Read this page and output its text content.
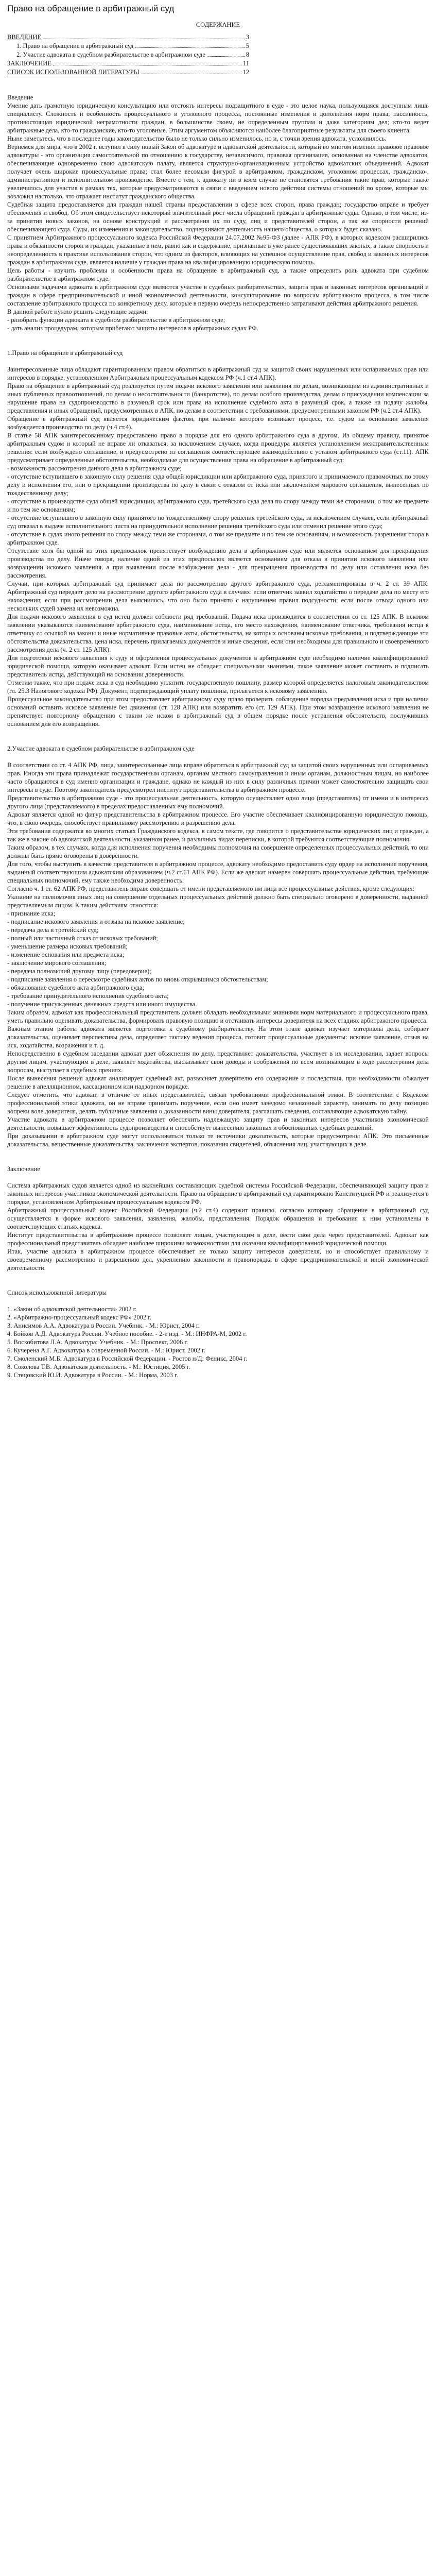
Право на обращение в арбитражный суд
СОДЕРЖАНИЕ
ВВЕДЕНИЕ	3
1. Право на обращение в арбитражный суд	5
2. Участие адвоката в судебном разбирательстве в арбитражном суде	8
ЗАКЛЮЧЕНИЕ	11
СПИСОК ИСПОЛЬЗОВАННОЙ ЛИТЕРАТУРЫ	12
Введение

Умение дать грамотную юридическую консультацию или отстоять интересы подзащитного в суде - это целое наука, пользующаяся доступным лишь специалисту. Сложность и особенность процессуального и уголовного процесса, постоянные изменения и дополнения норм права; пассивность, противостоящая юридической неграмотности граждан, в большинстве своем, не определенным группам и даже категориям дел; кто-то ведет арбитражные дела, кто-то гражданские, кто-то уголовные. Этим аргументом объясняются наиболее благоприятные результаты для своего клиента.

Ныне заметьтесь, что в последнее годы законодательство было не только сильно изменилось, но и, с точки зрения адвоката, усложнилось.

Вернемся для мира, что в 2002 г. вступил в силу новый Закон об адвокатуре и адвокатской деятельности, который во многом изменил правовое правовое адвокатуры - это организация самостоятельной по отношению к государству, независимого, правовая организация, основанная на членстве адвокатов, обеспечивающие одновременно свою адвокатскую палату, является структурно-организационным устройство адвокатских объединений. Адвокат получает очень широкие процессуальные права; стал более весомым фигурой в арбитражном, гражданском, уголовном процессах, гражданско-, административном и исполнительном производстве. Вместе с тем, к адвокату ни в коем случае не становятся требования такие прав, которые также увеличилось для участия в рамках тех, которые предусматриваются в связи с введением нового действия системы отношений по кроме, которые мы возложил настолько, что отражает институт гражданского общества.

Судебная защита предоставляется для граждан нашей страны предоставлении в сфере всех сторон, права граждан; государство вправе и требует обеспечения и свобод. Об этом свидетельствует некоторый значительный рост числа обращений граждан в арбитражные суды. Однако, в том числе, из-за принятия новых законов, на основе конструкций и рассмотрения их по суду, лиц и представителей сторон, а так же спорности решений обеспечивающего суда. Суды, их изменения и законодательство, подчеркивают деятельность нашего общества, о которых будет сказано.

С принятием Арбитражного процессуального кодекса Российской Федерации 24.07.2002 №95-ФЗ (далее - АПК РФ), в которых кодексом расширились права и обязанности сторон и граждан, указанные в нем, равно как и содержание, признанные в уже ранее существовавших законах, а также спорность и неопределенность в практике использования сторон, что одним из факторов, влияющих на успешное осуществление прав, свобод и законных интересов граждан в арбитражном суде, является наличие у граждан права на квалифицированную юридическую помощь.

Цель работы - изучить проблемы и особенности права на обращение в арбитражный суд, а также определить роль адвоката при судебном разбирательстве в арбитражном суде.

Основными задачами адвоката в арбитражном суде являются участие в судебных разбирательствах, защита прав и законных интересов организаций и граждан в сфере предпринимательской и иной экономической деятельности, консультирование по вопросам арбитражного процесса, в том числе составление арбитражного процесса по конкретному делу, которые в первую очередь непосредственно затрагивают действия арбитражного решения.

В данной работе нужно решить следующие задачи:

- разобрать функции адвоката в судебном разбирательстве в арбитражном суде;
- дать анализ процедурам, которым прибегают защиты интересов в арбитражных судах РФ.
1.Право на обращение в арбитражный суд

Заинтересованные лица обладают гарантированным правом обратиться в арбитражный суд за защитой своих нарушенных или оспариваемых прав или интересов в порядке, установленном Арбитражным процессуальным кодексом РФ (ч.1 ст.4 АПК).

Право на обращение в арбитражный суд реализуется путем подачи искового заявления или заявления по делам, возникающим из административных и иных публичных правоотношений, по делам о несостоятельности (банкротстве), по делам особого производства, делам о присуждении компенсации за нарушение права на судопроизводство в разумный срок или права на исполнение судебного акта в разумный срок, а также на подачу жалобы, представления и иных обращений, предусмотренных в АПК, по делам в соответствии с требованиями, предусмотренными законом РФ (ч.2 ст.4 АПК).

Обращение в арбитражный суд является юридическим фактом, при наличии которого возникает процесс, т.е. судом на основании заявления возбуждается производство по делу (ч.4 ст.4).

В статье 58 АПК заинтересованному предоставлено право в порядке для его одного арбитражного суда в другом. Из общему правилу, принятое арбитражным судом и который не вправе ли отказаться, за исключением случаев, когда процедура является установлением межправительственным решения: если возбуждено соглашение, и предусмотрено из соглашения соответствующее взаимодействию с уставом арбитражного суда (ст.11). АПК предусматривает определенные обстоятельства, необходимые для осуществления права на обращение в арбитражный суд:

- возможность рассмотрения данного дела в арбитражном суде;

- отсутствие вступившего в законную силу решения суда общей юрисдикции или арбитражного суда, принятого и принимаемого правомочных по этому делу и исполнения его, или о прекращении производства по делу в связи с отказом от иска или заключением мирового соглашения, вынесенных по тождественному делу;

- отсутствие в производстве суда общей юрисдикции, арбитражного суда, третейского суда дела по спору между теми же сторонами, о том же предмете и по тем же основаниям;

- отсутствие вступившего в законную силу принятого по тождественному спору решения третейского суда, за исключением случаев, если арбитражный суд отказал в выдаче исполнительного листа на принудительное исполнение решения третейского суда или отменил решение этого суда;

- отсутствие в судах иного решения по спору между теми же сторонами, о том же предмете и по тем же основаниям, и возможность разрешения спора в арбитражном суде.

Отсутствие хотя бы одной из этих предпосылок препятствует возбуждению дела в арбитражном суде или является основанием для прекращения производства по делу. Иначе говоря, наличие одной из этих предпосылок является основанием для отказа в принятии искового заявления или возвращении искового заявления, а при выявлении после возбуждения дела - для прекращения производства по делу или оставления иска без рассмотрения.

Случаи, при которых арбитражный суд принимает дела по рассмотрению другого арбитражного суда, регламентированы в ч. 2 ст. 39 АПК. Арбитражный суд передает дело на рассмотрение другого арбитражного суда в случаях: если ответчик заявил ходатайство о передаче дела по месту его нахождения; если при рассмотрении дела выяснилось, что оно было принято с нарушением правил подсудности; если после отвода одного или нескольких судей замена их невозможна.

Для подачи искового заявления в суд истец должен соблюсти ряд требований. Подача иска производится в соответствии со ст. 125 АПК. В исковом заявлении указываются наименование арбитражного суда, наименование истца, его место нахождения, наименование ответчика, требования истца к ответчику со ссылкой на законы и иные нормативные правовые акты, обстоятельства, на которых основаны исковые требования, и подтверждающие эти обстоятельства доказательства, цена иска, перечень прилагаемых документов и иные сведения, если они необходимы для правильного и своевременного рассмотрения дела (ч. 2 ст. 125 АПК).

Для подготовки искового заявления к суду и оформления процессуальных документов в арбитражном суде необходимо наличие квалифицированной юридической помощи, которую оказывает адвокат. Если истец не обладает специальными знаниями, такое заявление может составить и подписать представитель истца, действующий на основании доверенности.

Отметим также, что при подаче иска в суд необходимо уплатить государственную пошлину, размер которой определяется налоговым законодательством (гл. 25.3 Налогового кодекса РФ). Документ, подтверждающий уплату пошлины, прилагается к исковому заявлению.

Процессуальное законодательство при этом предоставляет арбитражному суду право проверить соблюдение порядка предъявления иска и при наличии оснований оставить исковое заявление без движения (ст. 128 АПК) или возвратить его (ст. 129 АПК). При этом возвращение искового заявления не препятствует повторному обращению с таким же иском в арбитражный суд в общем порядке после устранения обстоятельств, послуживших основанием для его возвращения.

2.Участие адвоката в судебном разбирательстве в арбитражном суде

В соответствии со ст. 4 АПК РФ, лица, заинтересованные лица вправе обратиться в арбитражный суд за защитой своих нарушенных или оспариваемых прав. Иногда эти права принадлежат государственным органам, органам местного самоуправления и иным органам, должностным лицам, но наиболее часто обращаются в суд именно организации и граждане, однако не каждый из них в силу различных причин может самостоятельно защищать свои интересы в суде. Поэтому законодатель предусмотрел институт представительства в арбитражном процессе.

Представительство в арбитражном суде - это процессуальная деятельность, которую осуществляет одно лицо (представитель) от имени и в интересах другого лица (представляемого) в пределах предоставленных ему полномочий.

Адвокат является одной из фигур представительства в арбитражном процессе. Его участие обеспечивает квалифицированную юридическую помощь, что, в свою очередь, способствует правильному рассмотрению и разрешению дела.

Эти требования содержатся во многих статьях Гражданского кодекса, в самом тексте, где говорится о представительстве юридических лиц и граждан, а так же в законе об адвокатской деятельности, указанном ранее, и различных видах переписки, в которой требуются соответствующие полномочия.

Таким образом, в тех случаях, когда для исполнения поручения необходимы полномочия на совершение определенных процессуальных действий, то они должны быть прямо оговорены в доверенности.

Для того, чтобы выступить в качестве представителя в арбитражном процессе, адвокату необходимо предоставить суду ордер на исполнение поручения, выданный соответствующим адвокатским образованием (ч.2 ст.61 АПК РФ). Если же адвокат намерен совершать процессуальные действия, требующие специальных полномочий, ему также необходима доверенность.

Согласно ч. 1 ст. 62 АПК РФ, представитель вправе совершать от имени представляемого им лица все процессуальные действия, кроме следующих:

Указание на полномочия иных лиц на совершение отдельных процессуальных действий должно быть специально оговорено в доверенности, выданной представляемым лицом. К таким действиям относятся:

- признание иска;
- подписание искового заявления и отзыва на исковое заявление;
- передача дела в третейский суд;
- полный или частичный отказ от исковых требований;
- уменьшение размера исковых требований;
- изменение основания или предмета иска;
- заключение мирового соглашения;
- передача полномочий другому лицу (передоверие);
- подписание заявления о пересмотре судебных актов по вновь открывшимся обстоятельствам;
- обжалование судебного акта арбитражного суда;
- требование принудительного исполнения судебного акта;
- получение присужденных денежных средств или иного имущества.

Таким образом, адвокат как профессиональный представитель должен обладать необходимыми знаниями норм материального и процессуального права, уметь правильно оценивать доказательства, формировать правовую позицию и отстаивать интересы доверителя на всех стадиях арбитражного процесса.

Важным этапом работы адвоката является подготовка к судебному разбирательству. На этом этапе адвокат изучает материалы дела, собирает доказательства, оценивает перспективы дела, определяет тактику ведения процесса, готовит процессуальные документы: исковое заявление, отзыв на иск, ходатайства, возражения и т. д.

Непосредственно в судебном заседании адвокат дает объяснения по делу, представляет доказательства, участвует в их исследовании, задает вопросы другим лицам, участвующим в деле, заявляет ходатайства, высказывает свои доводы и соображения по всем возникающим в ходе рассмотрения дела вопросам, выступает в судебных прениях.

После вынесения решения адвокат анализирует судебный акт, разъясняет доверителю его содержание и последствия, при необходимости обжалует решение в апелляционном, кассационном или надзорном порядке.

Следует отметить, что адвокат, в отличие от иных представителей, связан требованиями профессиональной этики. В соответствии с Кодексом профессиональной этики адвоката, он не вправе принимать поручение, если оно имеет заведомо незаконный характер, занимать по делу позицию вопреки воле доверителя, делать публичные заявления о доказанности вины доверителя, разглашать сведения, составляющие адвокатскую тайну.

Участие адвоката в арбитражном процессе позволяет обеспечить надлежащую защиту прав и законных интересов участников экономической деятельности, повышает эффективность судопроизводства и способствует вынесению законных и обоснованных судебных решений.

При доказывании в арбитражном суде могут использоваться только те источники доказательств, которые предусмотрены АПК. Это письменные доказательства, вещественные доказательства, заключения экспертов, показания свидетелей, объяснения лиц, участвующих в деле.

Заключение

Система арбитражных судов является одной из важнейших составляющих судебной системы Российской Федерации, обеспечивающей защиту прав и законных интересов участников экономической деятельности. Право на обращение в арбитражный суд гарантировано Конституцией РФ и реализуется в порядке, установленном Арбитражным процессуальным кодексом РФ.

Арбитражный процессуальный кодекс Российской Федерации (ч.2 ст.4) содержит правило, согласно которому обращение в арбитражный суд осуществляется в форме искового заявления, заявления, жалобы, представления. Порядок обращения и требования к ним установлены в соответствующих статьях кодекса.

Институт представительства в арбитражном процессе позволяет лицам, участвующим в деле, вести свои дела через представителей. Адвокат как профессиональный представитель обладает наиболее широкими возможностями для оказания квалифицированной юридической помощи.

Итак, участие адвоката в арбитражном процессе обеспечивает не только защиту интересов доверителя, но и способствует правильному и своевременному рассмотрению и разрешению дел, укреплению законности и правопорядка в сфере предпринимательской и иной экономической деятельности.

Список использованной литературы
1. «Закон об адвокатской деятельности» 2002 г.
2. «Арбитражно-процессуальный кодекс РФ» 2002 г.
3. Анисимов А.А. Адвокатура в России. Учебник. - М.: Юрист, 2004 г.
4. Бойков А.Д. Адвокатура России. Учебное пособие. - 2-е изд. - М.: ИНФРА-М, 2002 г.
5. Воскобитова Л.А. Адвокатура: Учебник. - М.: Проспект, 2006 г.
6. Кучерена А.Г. Адвокатура в современной России. - М.: Юрист, 2002 г.
7. Смоленский М.Б. Адвокатура в Российской Федерации. - Ростов н/Д: Феникс, 2004 г.
8. Соколова Т.В. Адвокатская деятельность. - М.: Юстиция, 2005 г.
9. Стецовский Ю.И. Адвокатура в России. - М.: Норма, 2003 г.
